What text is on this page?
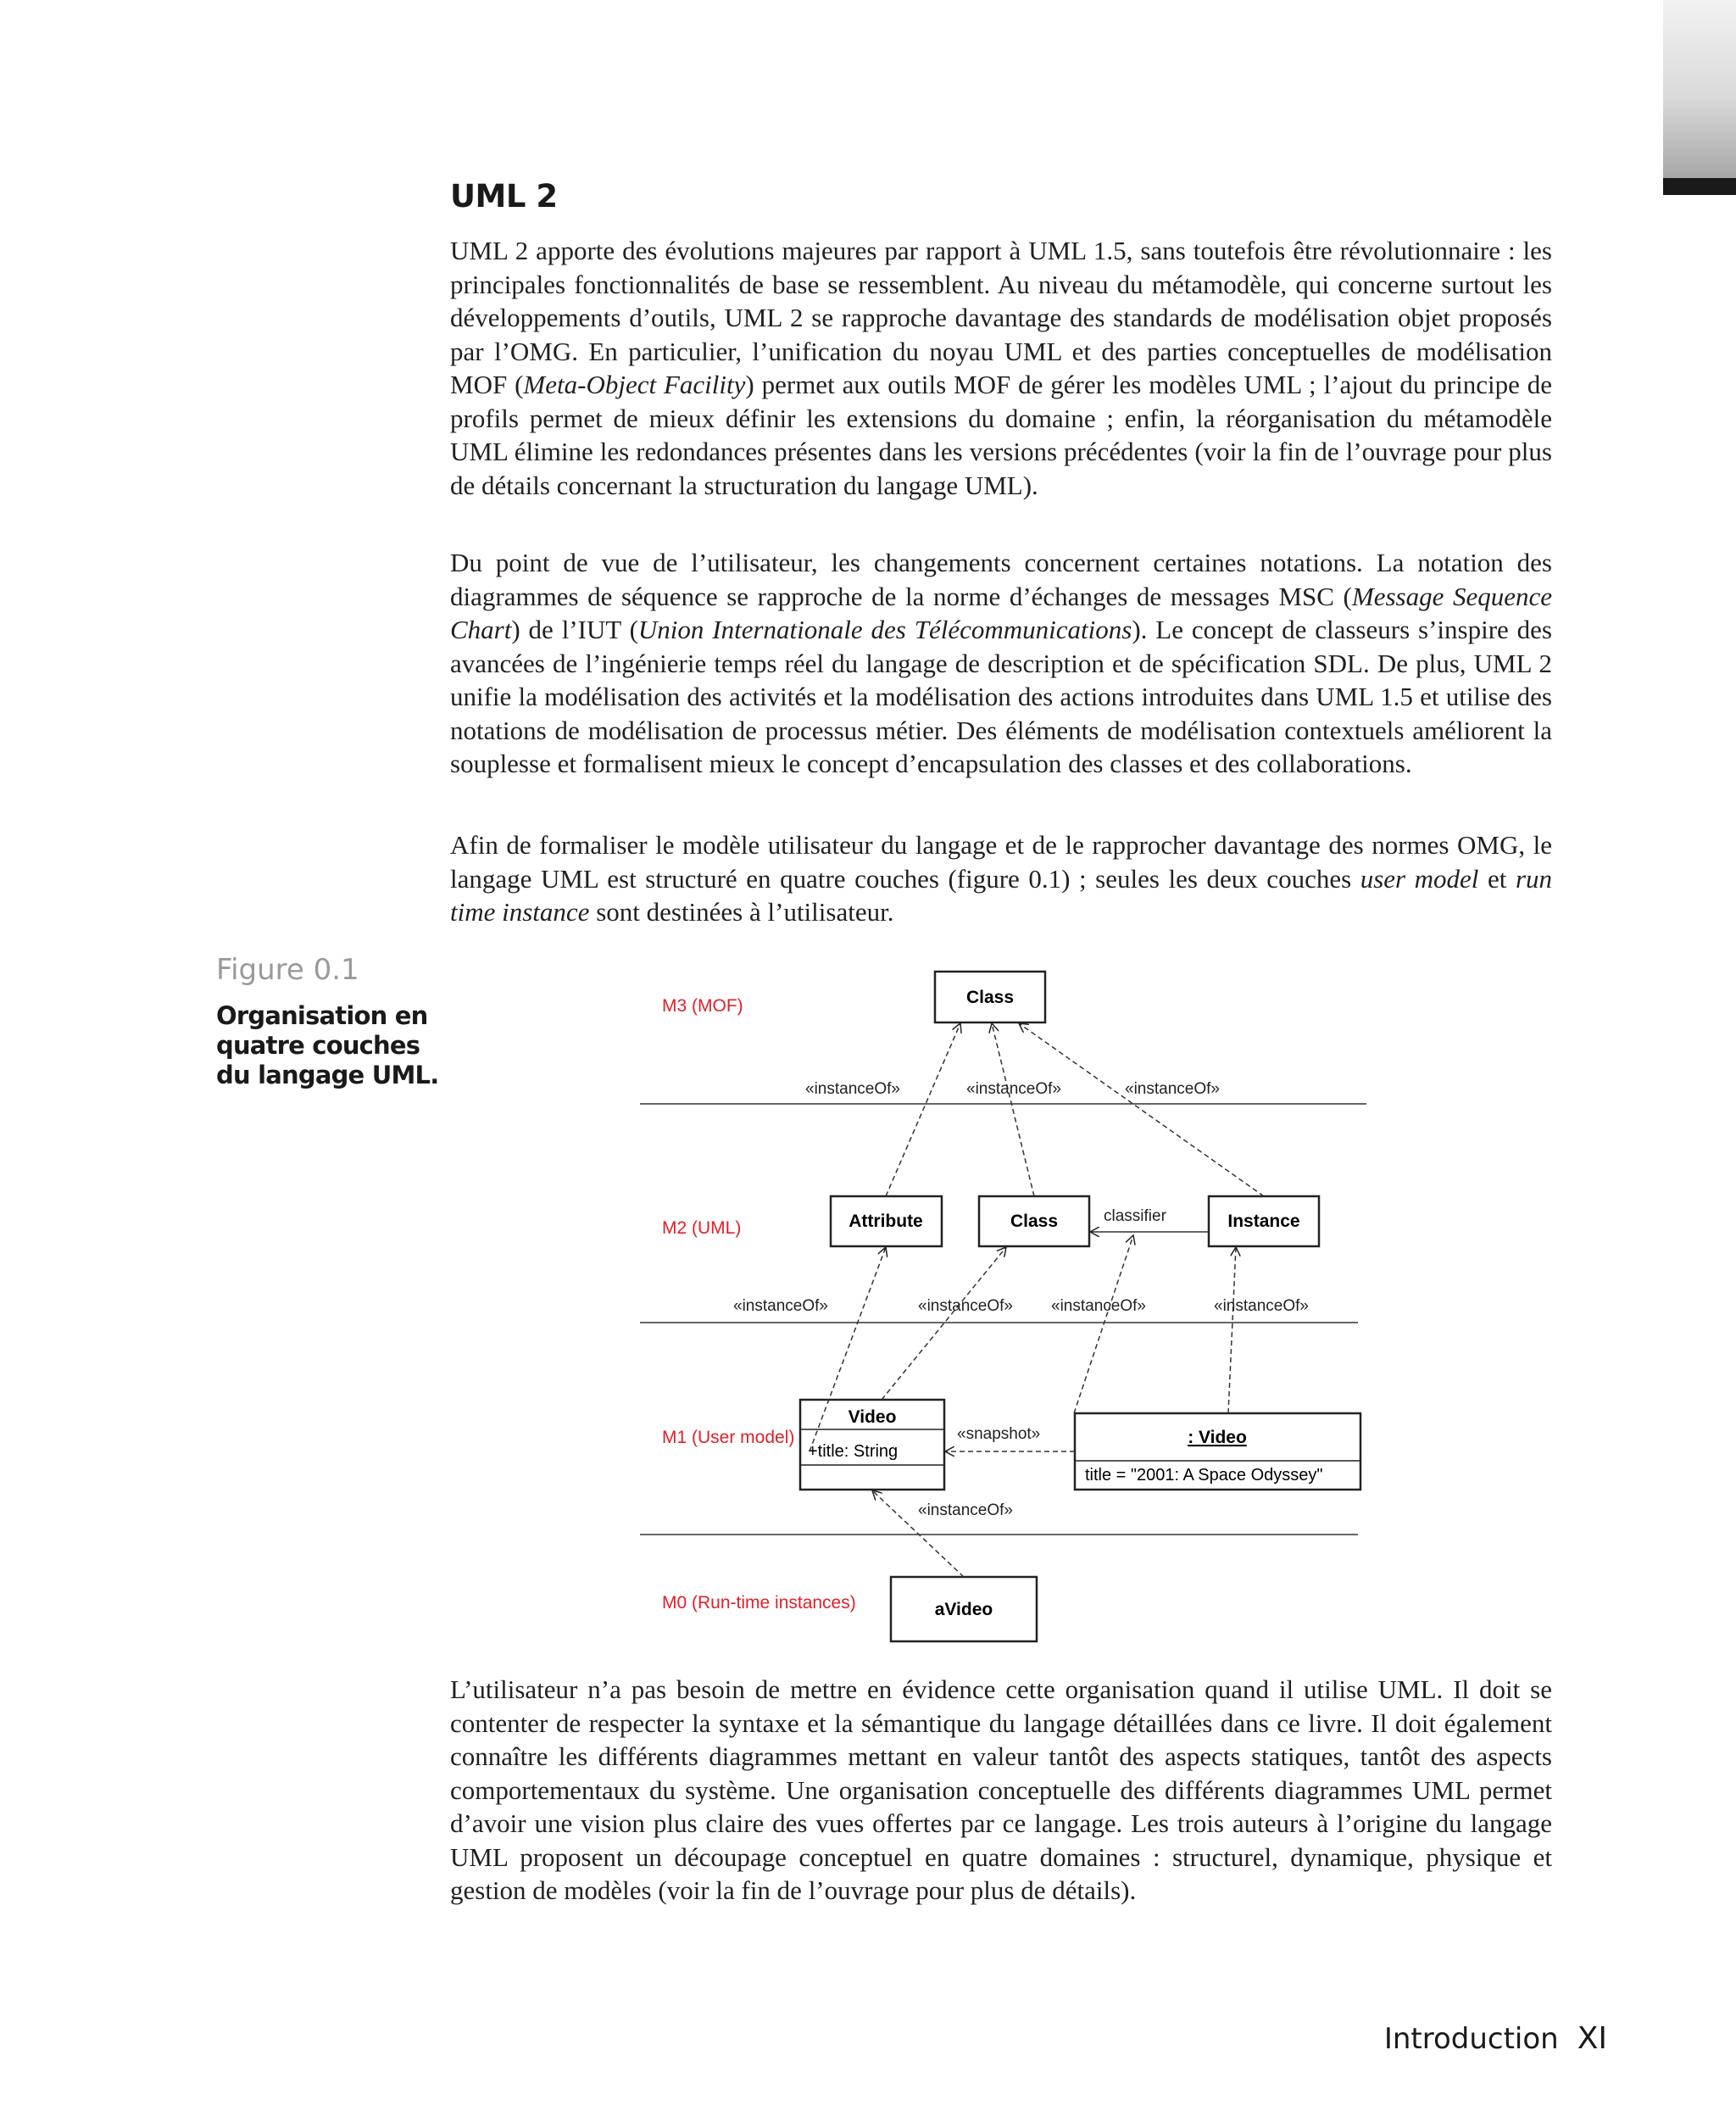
UML 2

UML 2 apporte des évolutions majeures par rapport à UML 1.5, sans toutefois être révolutionnaire : les principales fonctionnalités de base se ressemblent. Au niveau du métamodèle, qui concerne surtout les développements d’outils, UML 2 se rapproche davantage des standards de modélisation objet proposés par l’OMG. En particulier, l’unification du noyau UML et des parties conceptuelles de modélisation MOF (Meta-Object Facility) permet aux outils MOF de gérer les modèles UML ; l’ajout du principe de profils permet de mieux définir les extensions du domaine ; enfin, la réorganisation du métamodèle UML élimine les redondances présentes dans les versions précédentes (voir la fin de l’ouvrage pour plus de détails concernant la structuration du langage UML).

Du point de vue de l’utilisateur, les changements concernent certaines notations. La notation des diagrammes de séquence se rapproche de la norme d’échanges de messages MSC (Message Sequence Chart) de l’IUT (Union Internationale des Télécommunications). Le concept de classeurs s’inspire des avancées de l’ingénierie temps réel du langage de description et de spécification SDL. De plus, UML 2 unifie la modélisation des activités et la modélisation des actions introduites dans UML 1.5 et utilise des notations de modélisation de processus métier. Des éléments de modélisation contextuels améliorent la souplesse et formalisent mieux le concept d’encapsulation des classes et des collaborations.

Afin de formaliser le modèle utilisateur du langage et de le rapprocher davantage des normes OMG, le langage UML est structuré en quatre couches (figure 0.1) ; seules les deux couches user model et run time instance sont destinées à l’utilisateur.

Figure 0.1

Organisation en quatre couches du langage UML.

M3 (MOF)
M2 (UML)
M1 (User model)
M0 (Run-time instances)
Class
Attribute	Class	Instance
Video
+title: String
: Video
title = "2001: A Space Odyssey"
aVideo
«instanceOf»	«instanceOf»	«instanceOf»
classifier
«instanceOf»	«instanceOf» «instanceOf»	«instanceOf»
«snapshot»
«instanceOf»

L’utilisateur n’a pas besoin de mettre en évidence cette organisation quand il utilise UML. Il doit se contenter de respecter la syntaxe et la sémantique du langage détaillées dans ce livre. Il doit également connaître les différents diagrammes mettant en valeur tantôt des aspects statiques, tantôt des aspects comportementaux du système. Une organisation conceptuelle des différents diagrammes UML permet d’avoir une vision plus claire des vues offertes par ce langage. Les trois auteurs à l’origine du langage UML proposent un découpage conceptuel en quatre domaines : structurel, dynamique, physique et gestion de modèles (voir la fin de l’ouvrage pour plus de détails).

Introduction XI
